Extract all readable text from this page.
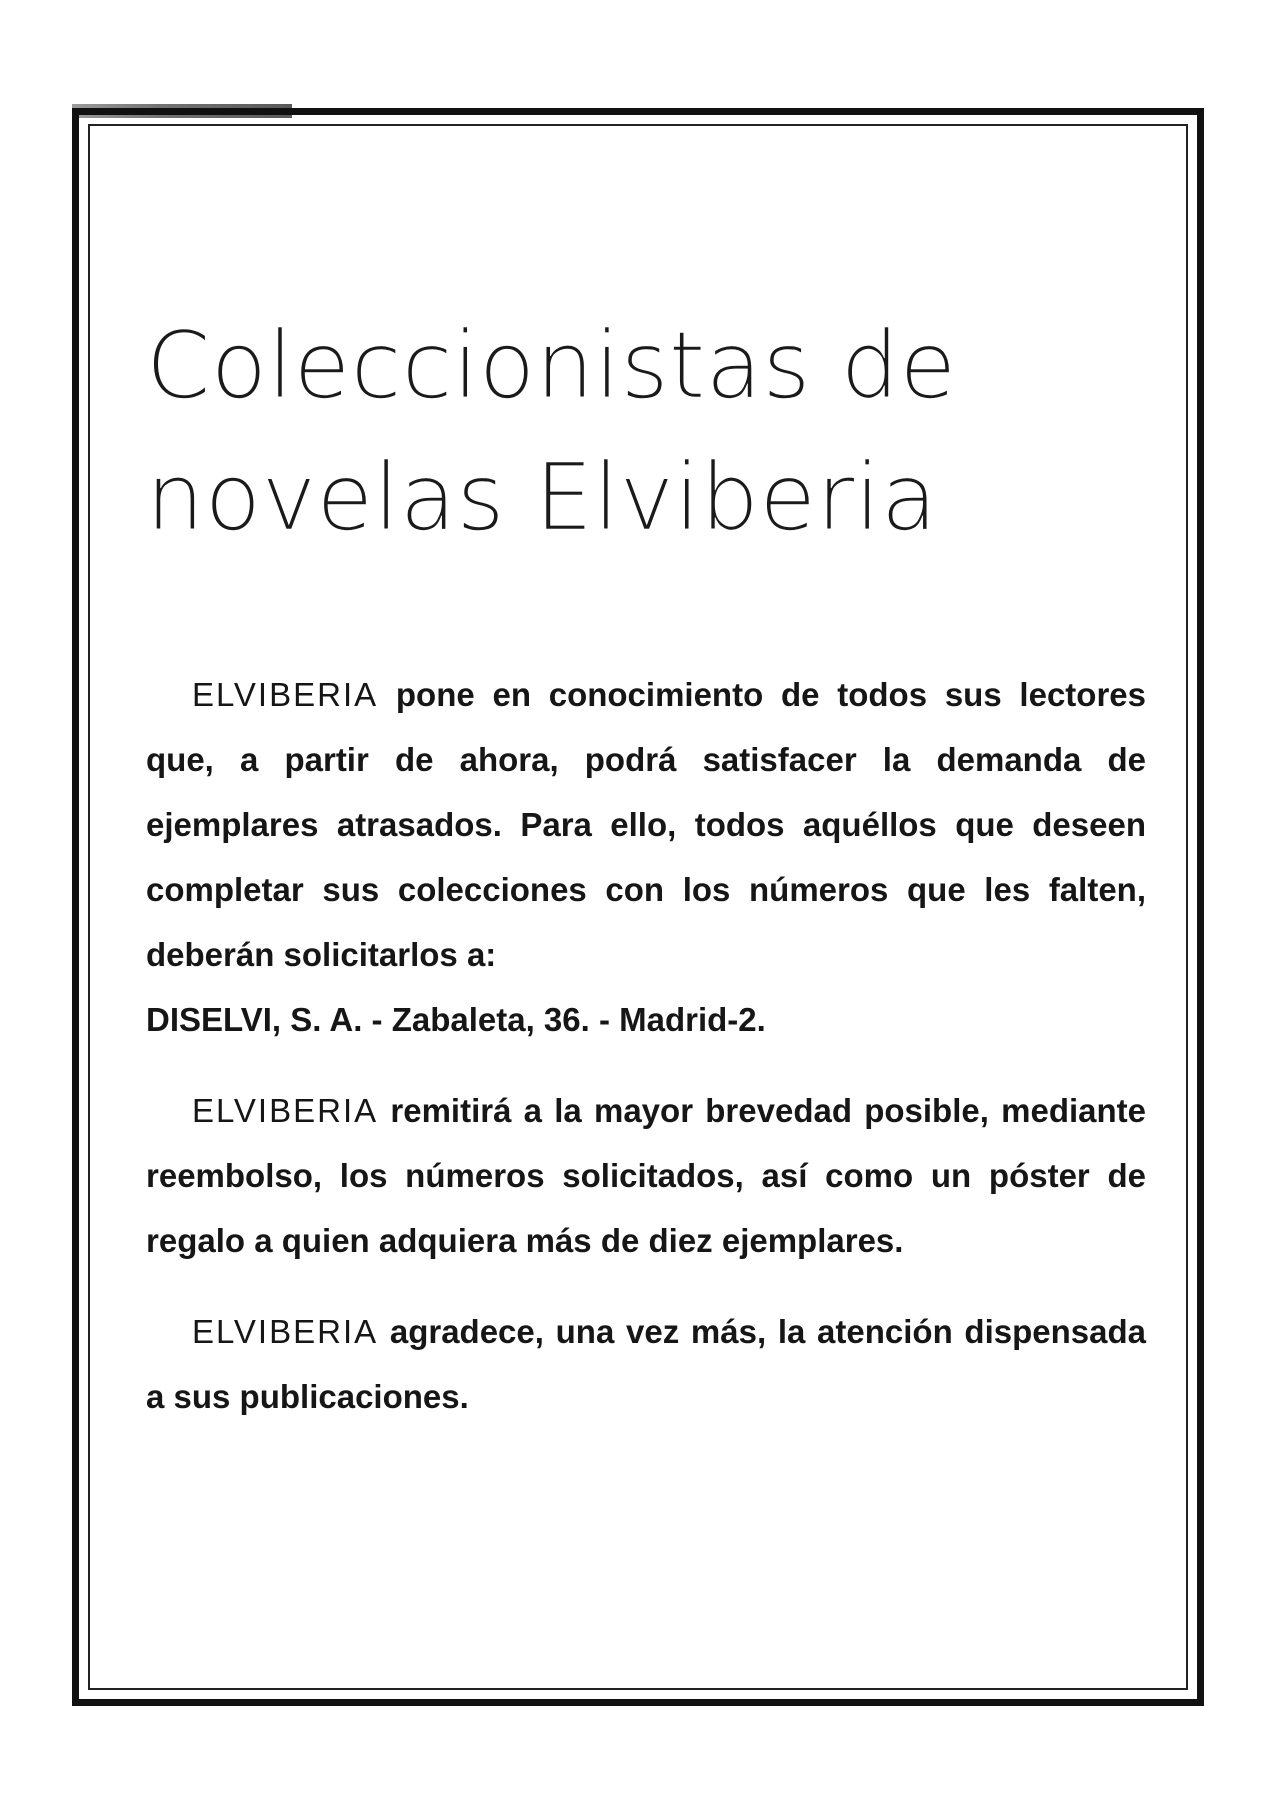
Coleccionistas de
novelas Elviberia

ELVIBERIA pone en conocimiento de todos sus lectores que, a partir de ahora, podrá satisfacer la demanda de ejemplares atrasados. Para ello, todos aquéllos que deseen completar sus colecciones con los números que les falten, deberán solicitarlos a:
DISELVI, S. A. - Zabaleta, 36. - Madrid-2.

ELVIBERIA remitirá a la mayor brevedad posible, mediante reembolso, los números solicitados, así como un póster de regalo a quien adquiera más de diez ejemplares.

ELVIBERIA agradece, una vez más, la atención dispensada a sus publicaciones.
